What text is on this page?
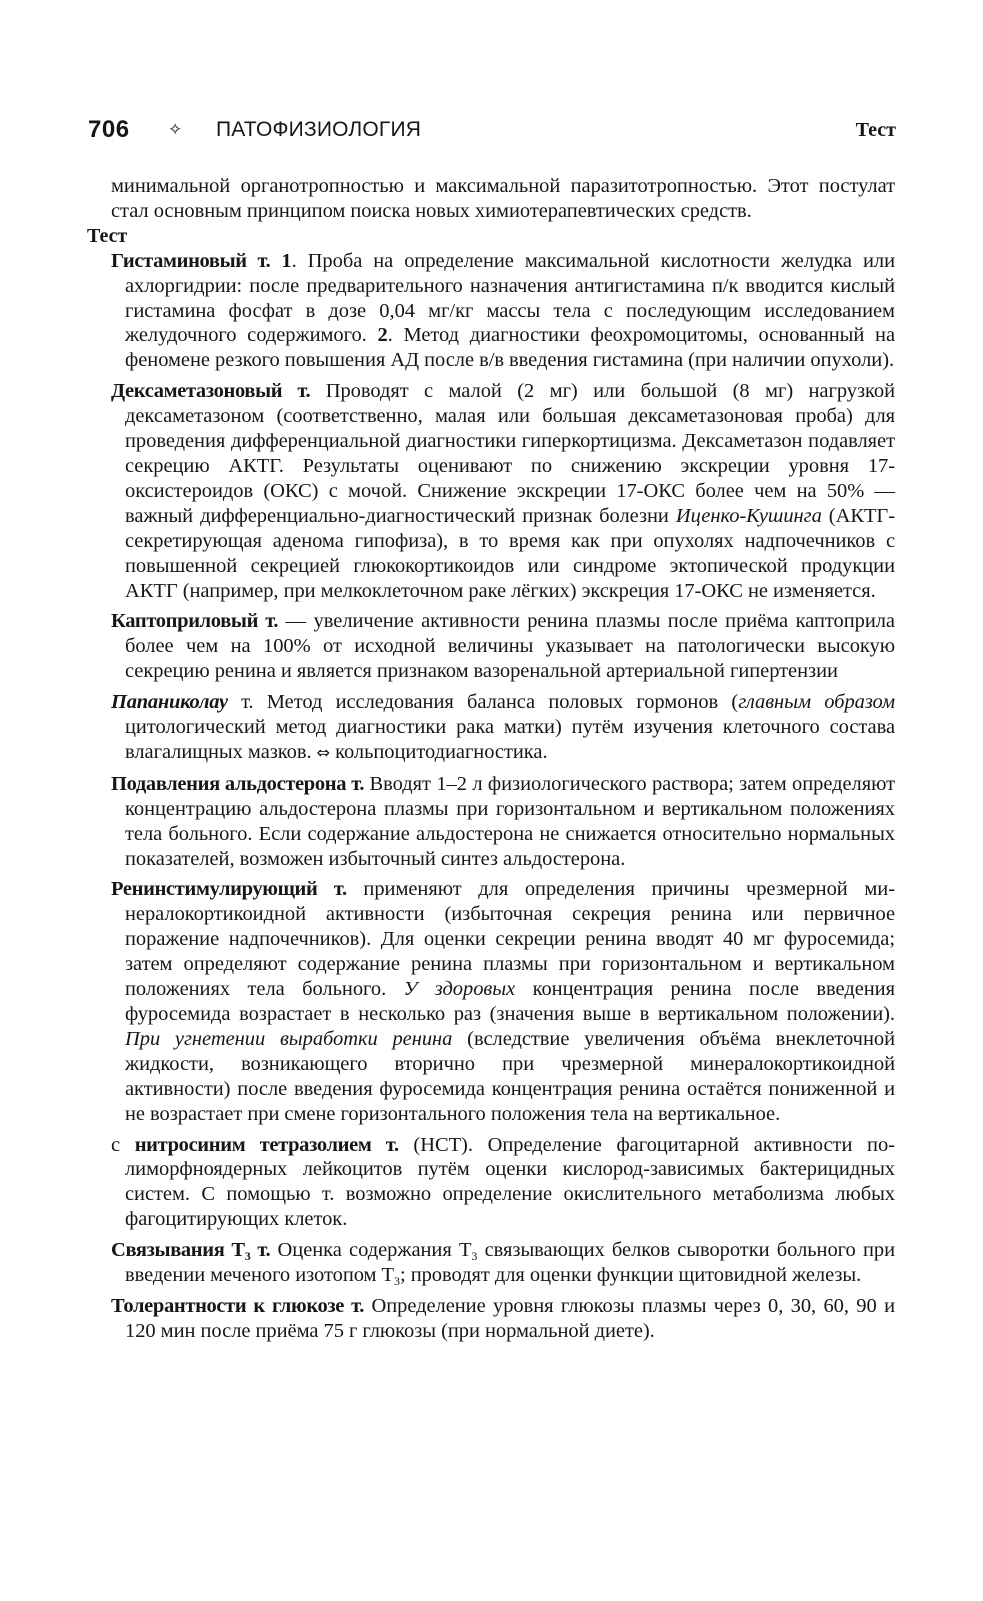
706 ✧ ПАТОФИЗИОЛОГИЯ	Тест

минимальной органотропностью и максимальной паразитотропностью. Этот постулат стал основным принципом поиска новых химиотерапевтических средств.

Тест

Гистаминовый т. 1. Проба на определение максимальной кислотности желудка или ахлоргидрии: после предварительного назначения антигистамина п/к вводится кислый гистамина фосфат в дозе 0,04 мг/кг массы тела с последующим исследованием желудочного содержимого. 2. Метод диагностики феохромоцитомы, основанный на феномене резкого повышения АД после в/в введения гистамина (при наличии опухоли).

Дексаметазоновый т. Проводят с малой (2 мг) или большой (8 мг) нагрузкой дексаметазоном (соответственно, малая или большая дексаметазоновая проба) для проведения дифференциальной диагностики гиперкортицизма. Дексаметазон подавляет секрецию АКТГ. Результаты оценивают по снижению экскреции уровня 17-оксистероидов (ОКС) с мочой. Снижение экскреции 17-ОКС более чем на 50% — важный дифференциально-диагностический признак болезни Иценко-Кушинга (АКТГ-секретирующая аденома гипофиза), в то время как при опухолях надпочечников с повышенной секрецией глюкокортикоидов или синдроме эктопической продукции АКТГ (например, при мелкоклеточном раке лёгких) экскреция 17-ОКС не изменяется.

Каптоприловый т. — увеличение активности ренина плазмы после приёма каптоприла более чем на 100% от исходной величины указывает на патологически высокую секрецию ренина и является признаком вазоренальной артериальной гипертензии

Папаниколау т. Метод исследования баланса половых гормонов (главным образом цитологический метод диагностики рака матки) путём изучения клеточного состава влагалищных мазков. ⇔ кольпоцитодиагностика.

Подавления альдостерона т. Вводят 1–2 л физиологического раствора; затем определяют концентрацию альдостерона плазмы при горизонтальном и вертикальном положениях тела больного. Если содержание альдостерона не снижается относительно нормальных показателей, возможен избыточный синтез альдостерона.

Ренинстимулирующий т. применяют для определения причины чрезмерной минералокортикоидной активности (избыточная секреция ренина или первичное поражение надпочечников). Для оценки секреции ренина вводят 40 мг фуросемида; затем определяют содержание ренина плазмы при горизонтальном и вертикальном положениях тела больного. У здоровых концентрация ренина после введения фуросемида возрастает в несколько раз (значения выше в вертикальном положении). При угнетении выработки ренина (вследствие увеличения объёма внеклеточной жидкости, возникающего вторично при чрезмерной минералокортикоидной активности) после введения фуросемида концентрация ренина остаётся пониженной и не возрастает при смене горизонтального положения тела на вертикальное.

с нитросиним тетразолием т. (НСТ). Определение фагоцитарной активности полиморфноядерных лейкоцитов путём оценки кислород-зависимых бактерицидных систем. С помощью т. возможно определение окислительного метаболизма любых фагоцитирующих клеток.

Связывания $Т_3$ т. Оценка содержания $Т_3$ связывающих белков сыворотки больного при введении меченого изотопом $Т_3$; проводят для оценки функции щитовидной железы.

Толерантности к глюкозе т. Определение уровня глюкозы плазмы через 0, 30, 60, 90 и 120 мин после приёма 75 г глюкозы (при нормальной диете).
